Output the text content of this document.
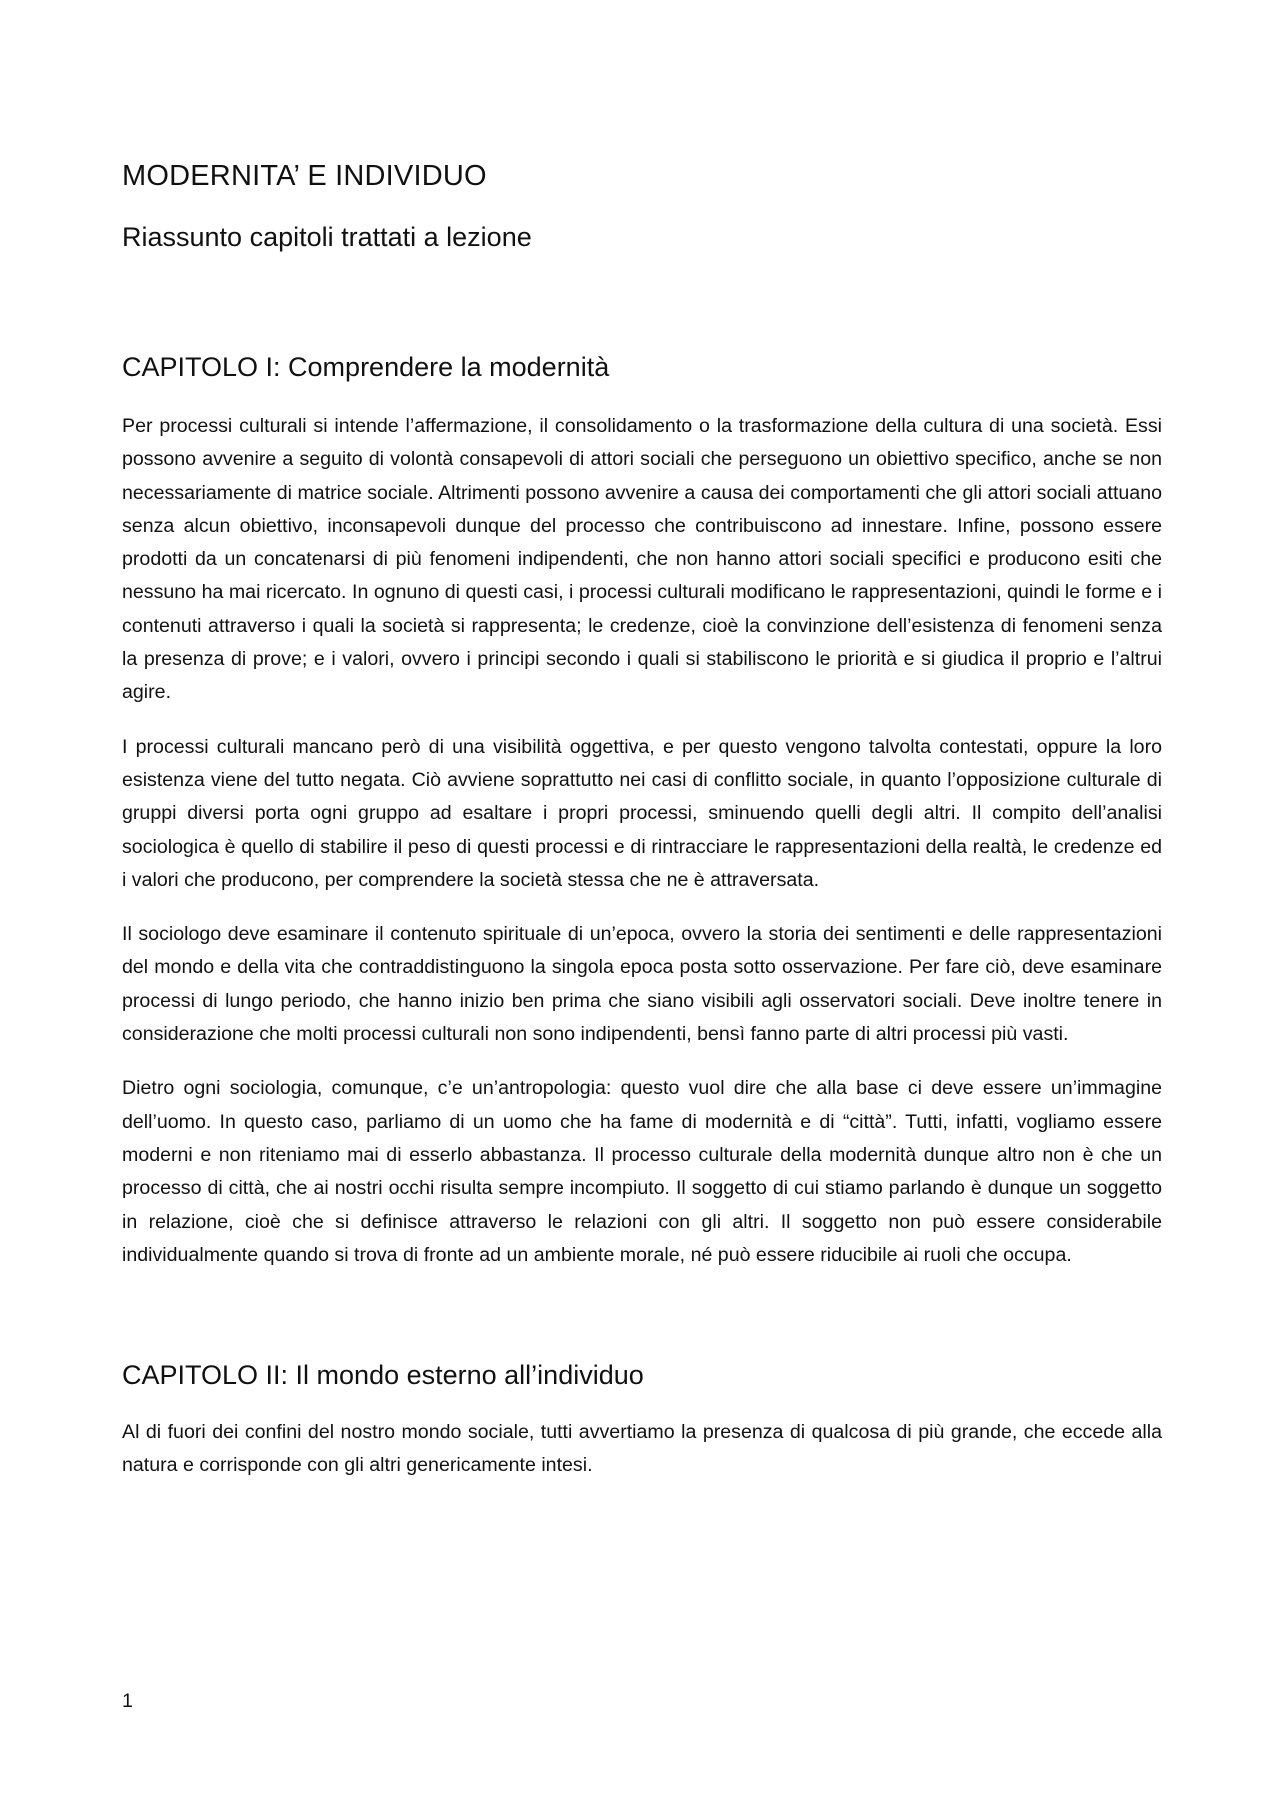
MODERNITA’ E INDIVIDUO
Riassunto capitoli trattati a lezione
CAPITOLO I: Comprendere la modernità

Per processi culturali si intende l’affermazione, il consolidamento o la trasformazione della cultura di una società. Essi possono avvenire a seguito di volontà consapevoli di attori sociali che perseguono un obiettivo specifico, anche se non necessariamente di matrice sociale. Altrimenti possono avvenire a causa dei comportamenti che gli attori sociali attuano senza alcun obiettivo, inconsapevoli dunque del processo che contribuiscono ad innestare. Infine, possono essere prodotti da un concatenarsi di più fenomeni indipendenti, che non hanno attori sociali specifici e producono esiti che nessuno ha mai ricercato. In ognuno di questi casi, i processi culturali modificano le rappresentazioni, quindi le forme e i contenuti attraverso i quali la società si rappresenta; le credenze, cioè la convinzione dell’esistenza di fenomeni senza la presenza di prove; e i valori, ovvero i principi secondo i quali si stabiliscono le priorità e si giudica il proprio e l’altrui agire.

I processi culturali mancano però di una visibilità oggettiva, e per questo vengono talvolta contestati, oppure la loro esistenza viene del tutto negata. Ciò avviene soprattutto nei casi di conflitto sociale, in quanto l’opposizione culturale di gruppi diversi porta ogni gruppo ad esaltare i propri processi, sminuendo quelli degli altri. Il compito dell’analisi sociologica è quello di stabilire il peso di questi processi e di rintracciare le rappresentazioni della realtà, le credenze ed i valori che producono, per comprendere la società stessa che ne è attraversata.

Il sociologo deve esaminare il contenuto spirituale di un’epoca, ovvero la storia dei sentimenti e delle rappresentazioni del mondo e della vita che contraddistinguono la singola epoca posta sotto osservazione. Per fare ciò, deve esaminare processi di lungo periodo, che hanno inizio ben prima che siano visibili agli osservatori sociali. Deve inoltre tenere in considerazione che molti processi culturali non sono indipendenti, bensì fanno parte di altri processi più vasti.

Dietro ogni sociologia, comunque, c’e un’antropologia: questo vuol dire che alla base ci deve essere un’immagine dell’uomo. In questo caso, parliamo di un uomo che ha fame di modernità e di “città”. Tutti, infatti, vogliamo essere moderni e non riteniamo mai di esserlo abbastanza. Il processo culturale della modernità dunque altro non è che un processo di città, che ai nostri occhi risulta sempre incompiuto. Il soggetto di cui stiamo parlando è dunque un soggetto in relazione, cioè che si definisce attraverso le relazioni con gli altri. Il soggetto non può essere considerabile individualmente quando si trova di fronte ad un ambiente morale, né può essere riducibile ai ruoli che occupa.

CAPITOLO II: Il mondo esterno all’individuo

Al di fuori dei confini del nostro mondo sociale, tutti avvertiamo la presenza di qualcosa di più grande, che eccede alla natura e corrisponde con gli altri genericamente intesi.

1
